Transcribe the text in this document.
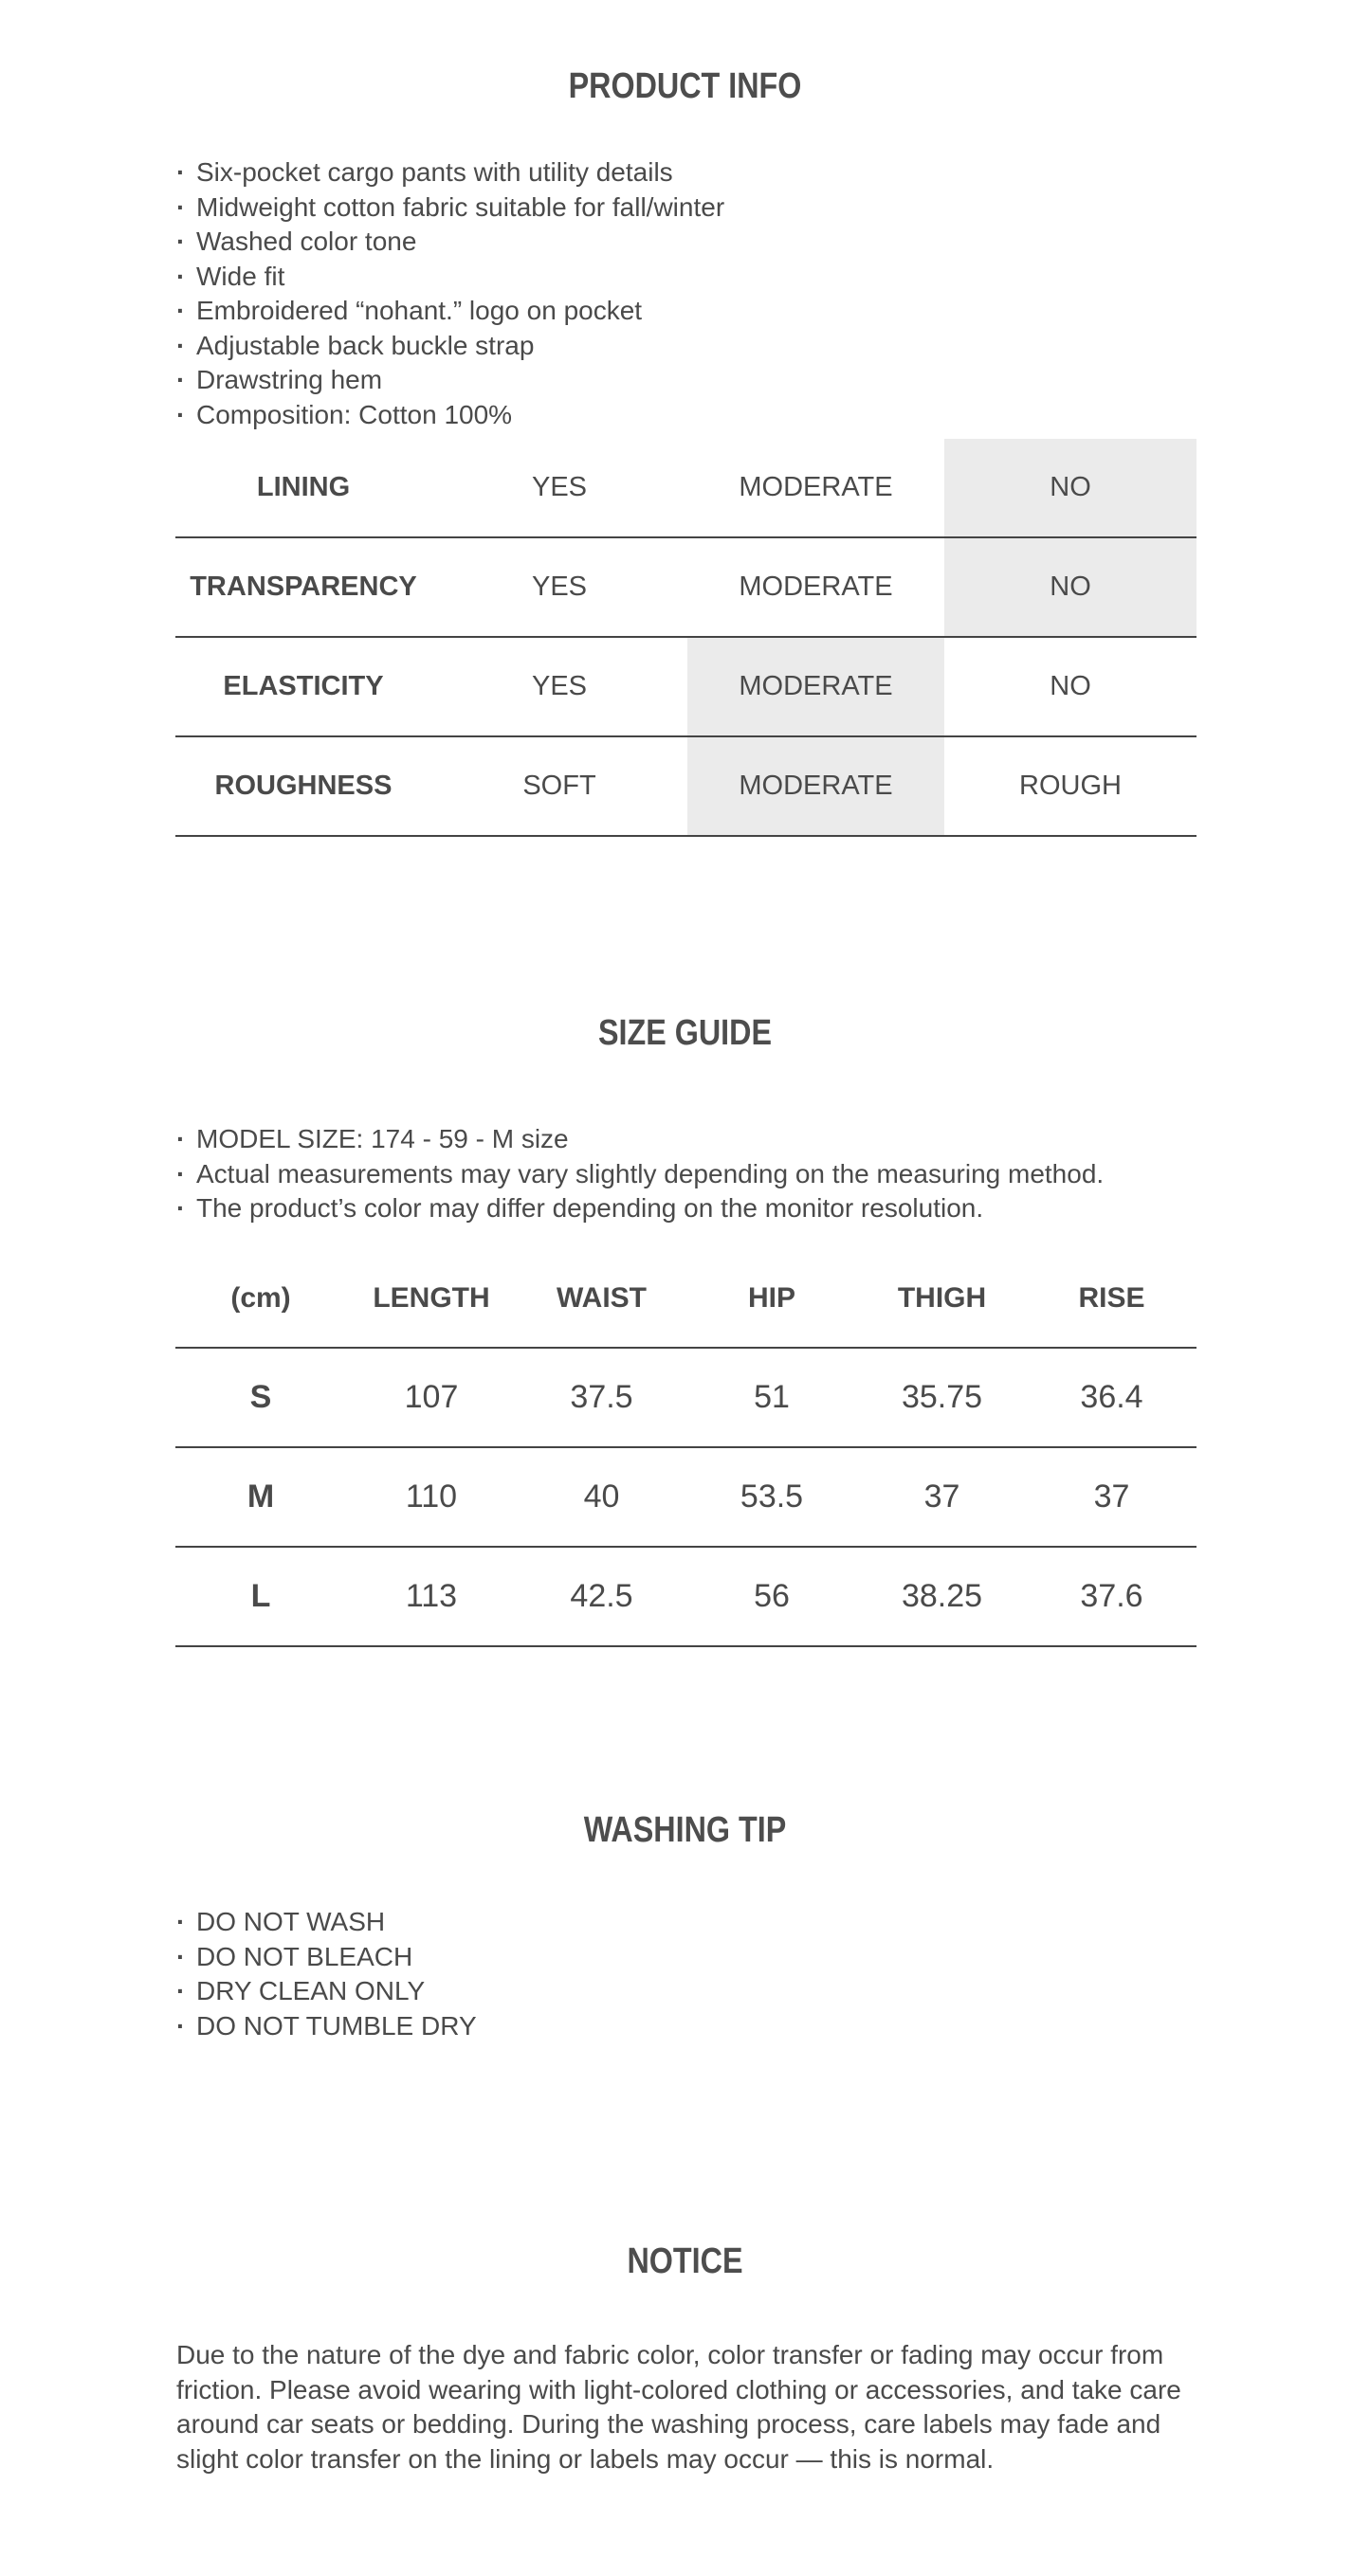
PRODUCT INFO
· Six-pocket cargo pants with utility details
· Midweight cotton fabric suitable for fall/winter
· Washed color tone
· Wide fit
· Embroidered “nohant.” logo on pocket
· Adjustable back buckle strap
· Drawstring hem
· Composition: Cotton 100%
LINING	YES	MODERATE	NO
TRANSPARENCY	YES	MODERATE	NO
ELASTICITY	YES	MODERATE	NO
ROUGHNESS	SOFT	MODERATE	ROUGH
SIZE GUIDE
· MODEL SIZE: 174 - 59 - M size
· Actual measurements may vary slightly depending on the measuring method.
· The product’s color may differ depending on the monitor resolution.
(cm)	LENGTH	WAIST	HIP	THIGH	RISE
S	107	37.5	51	35.75	36.4
M	110	40	53.5	37	37
L	113	42.5	56	38.25	37.6
WASHING TIP
· DO NOT WASH
· DO NOT BLEACH
· DRY CLEAN ONLY
· DO NOT TUMBLE DRY
NOTICE

Due to the nature of the dye and fabric color, color transfer or fading may occur from friction. Please avoid wearing with light-colored clothing or accessories, and take care around car seats or bedding. During the washing process, care labels may fade and slight color transfer on the lining or labels may occur — this is normal.
